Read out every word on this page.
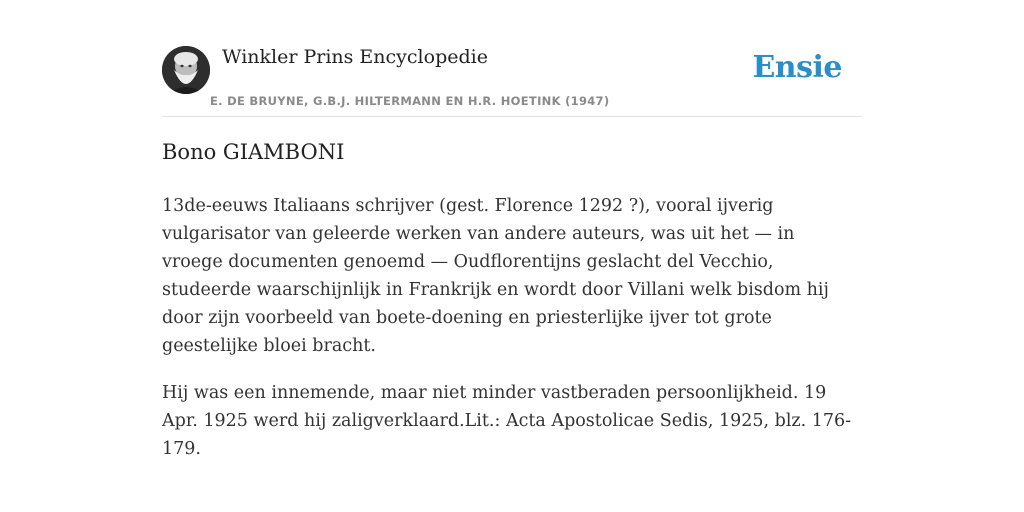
Winkler Prins Encyclopedie
E. DE BRUYNE, G.B.J. HILTERMANN EN H.R. HOETINK (1947)
Ensie
Bono GIAMBONI

13de-eeuws Italiaans schrijver (gest. Florence 1292 ?), vooral ijverig vulgarisator van geleerde werken van andere auteurs, was uit het — in vroege documenten genoemd — Oudflorentijns geslacht del Vecchio, studeerde waarschijnlijk in Frankrijk en wordt door Villani welk bisdom hij door zijn voorbeeld van boete-doening en priesterlijke ijver tot grote geestelijke bloei bracht.

Hij was een innemende, maar niet minder vastberaden persoonlijkheid. 19 Apr. 1925 werd hij zaligverklaard.Lit.: Acta Apostolicae Sedis, 1925, blz. 176-179.
